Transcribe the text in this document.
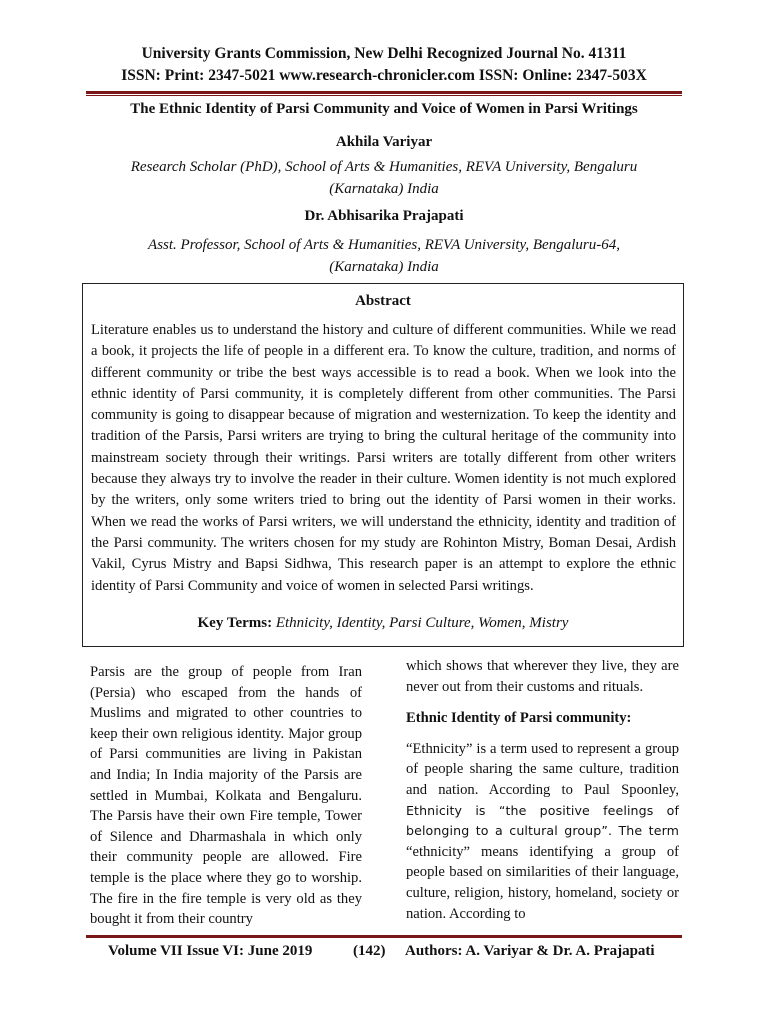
University Grants Commission, New Delhi Recognized Journal No. 41311
ISSN: Print: 2347-5021 www.research-chronicler.com ISSN: Online: 2347-503X
The Ethnic Identity of Parsi Community and Voice of Women in Parsi Writings
Akhila Variyar
Research Scholar (PhD), School of Arts & Humanities, REVA University, Bengaluru (Karnataka) India
Dr. Abhisarika Prajapati
Asst. Professor, School of Arts & Humanities, REVA University, Bengaluru-64, (Karnataka) India
Abstract

Literature enables us to understand the history and culture of different communities. While we read a book, it projects the life of people in a different era. To know the culture, tradition, and norms of different community or tribe the best ways accessible is to read a book. When we look into the ethnic identity of Parsi community, it is completely different from other communities. The Parsi community is going to disappear because of migration and westernization. To keep the identity and tradition of the Parsis, Parsi writers are trying to bring the cultural heritage of the community into mainstream society through their writings. Parsi writers are totally different from other writers because they always try to involve the reader in their culture. Women identity is not much explored by the writers, only some writers tried to bring out the identity of Parsi women in their works. When we read the works of Parsi writers, we will understand the ethnicity, identity and tradition of the Parsi community. The writers chosen for my study are Rohinton Mistry, Boman Desai, Ardish Vakil, Cyrus Mistry and Bapsi Sidhwa, This research paper is an attempt to explore the ethnic identity of Parsi Community and voice of women in selected Parsi writings.

Key Terms: Ethnicity, Identity, Parsi Culture, Women, Mistry

Parsis are the group of people from Iran (Persia) who escaped from the hands of Muslims and migrated to other countries to keep their own religious identity. Major group of Parsi communities are living in Pakistan and India; In India majority of the Parsis are settled in Mumbai, Kolkata and Bengaluru. The Parsis have their own Fire temple, Tower of Silence and Dharmashala in which only their community people are allowed. Fire temple is the place where they go to worship. The fire in the fire temple is very old as they bought it from their country

which shows that wherever they live, they are never out from their customs and rituals.

Ethnic Identity of Parsi community:

“Ethnicity” is a term used to represent a group of people sharing the same culture, tradition and nation. According to Paul Spoonley, Ethnicity is “the positive feelings of belonging to a cultural group”. The term “ethnicity” means identifying a group of people based on similarities of their language, culture, religion, history, homeland, society or nation. According to

Volume VII Issue VI: June 2019	(142) Authors: A. Variyar & Dr. A. Prajapati
